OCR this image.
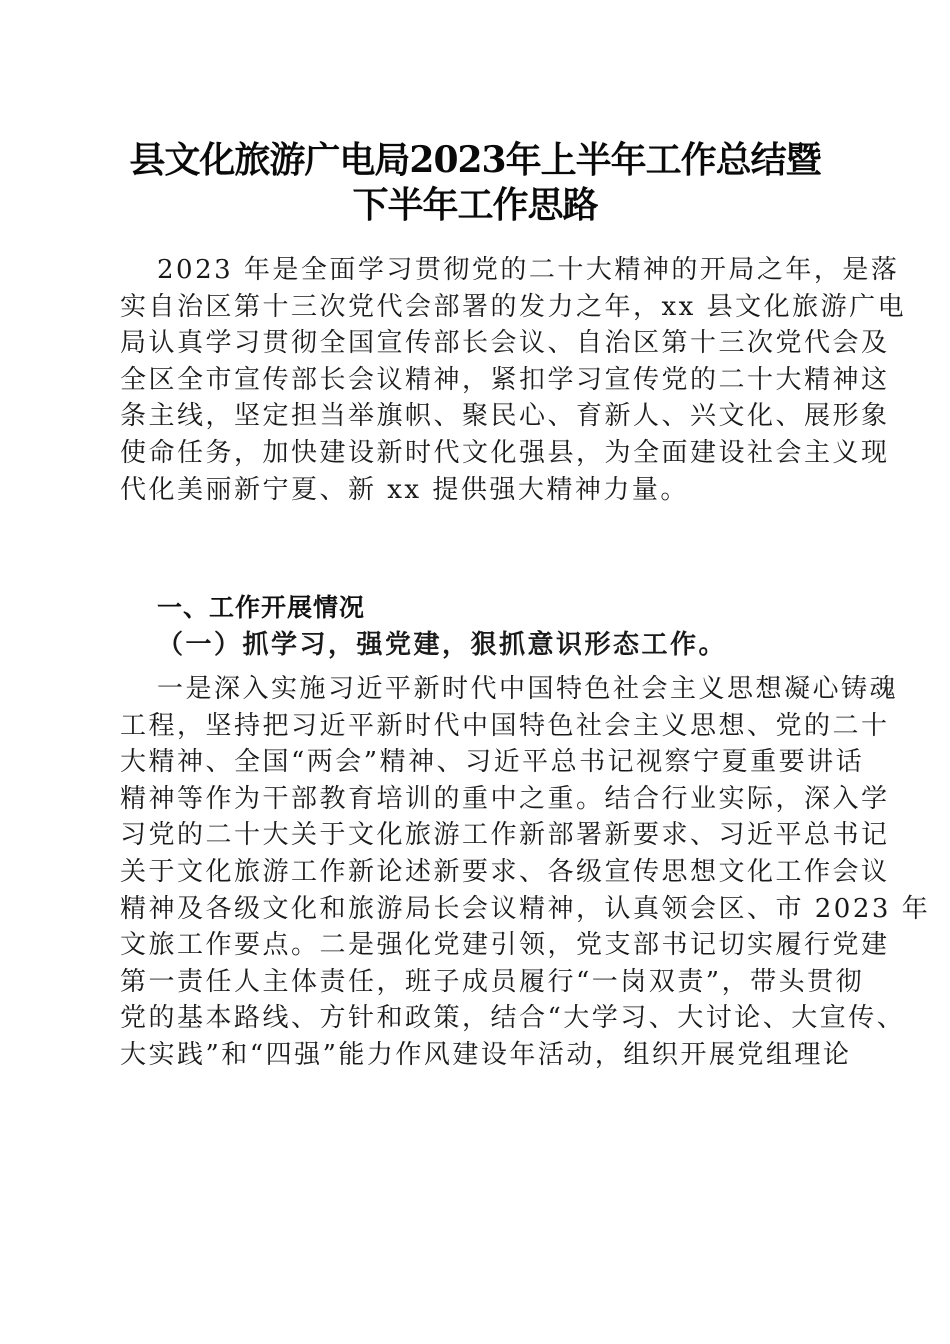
县文化旅游广电局2023年上半年工作总结暨
下半年工作思路
2023 年是全面学习贯彻党的二十大精神的开局之年，是落
实自治区第十三次党代会部署的发力之年，xx 县文化旅游广电
局认真学习贯彻全国宣传部长会议、自治区第十三次党代会及
全区全市宣传部长会议精神，紧扣学习宣传党的二十大精神这
条主线，坚定担当举旗帜、聚民心、育新人、兴文化、展形象
使命任务，加快建设新时代文化强县，为全面建设社会主义现
代化美丽新宁夏、新 xx 提供强大精神力量。
一、工作开展情况
（一）抓学习，强党建，狠抓意识形态工作。
一是深入实施习近平新时代中国特色社会主义思想凝心铸魂
工程，坚持把习近平新时代中国特色社会主义思想、党的二十
大精神、全国“两会”精神、习近平总书记视察宁夏重要讲话
精神等作为干部教育培训的重中之重。结合行业实际，深入学
习党的二十大关于文化旅游工作新部署新要求、习近平总书记
关于文化旅游工作新论述新要求、各级宣传思想文化工作会议
精神及各级文化和旅游局长会议精神，认真领会区、市 2023 年
文旅工作要点。二是强化党建引领，党支部书记切实履行党建
第一责任人主体责任，班子成员履行“一岗双责”，带头贯彻
党的基本路线、方针和政策，结合“大学习、大讨论、大宣传、
大实践”和“四强”能力作风建设年活动，组织开展党组理论
